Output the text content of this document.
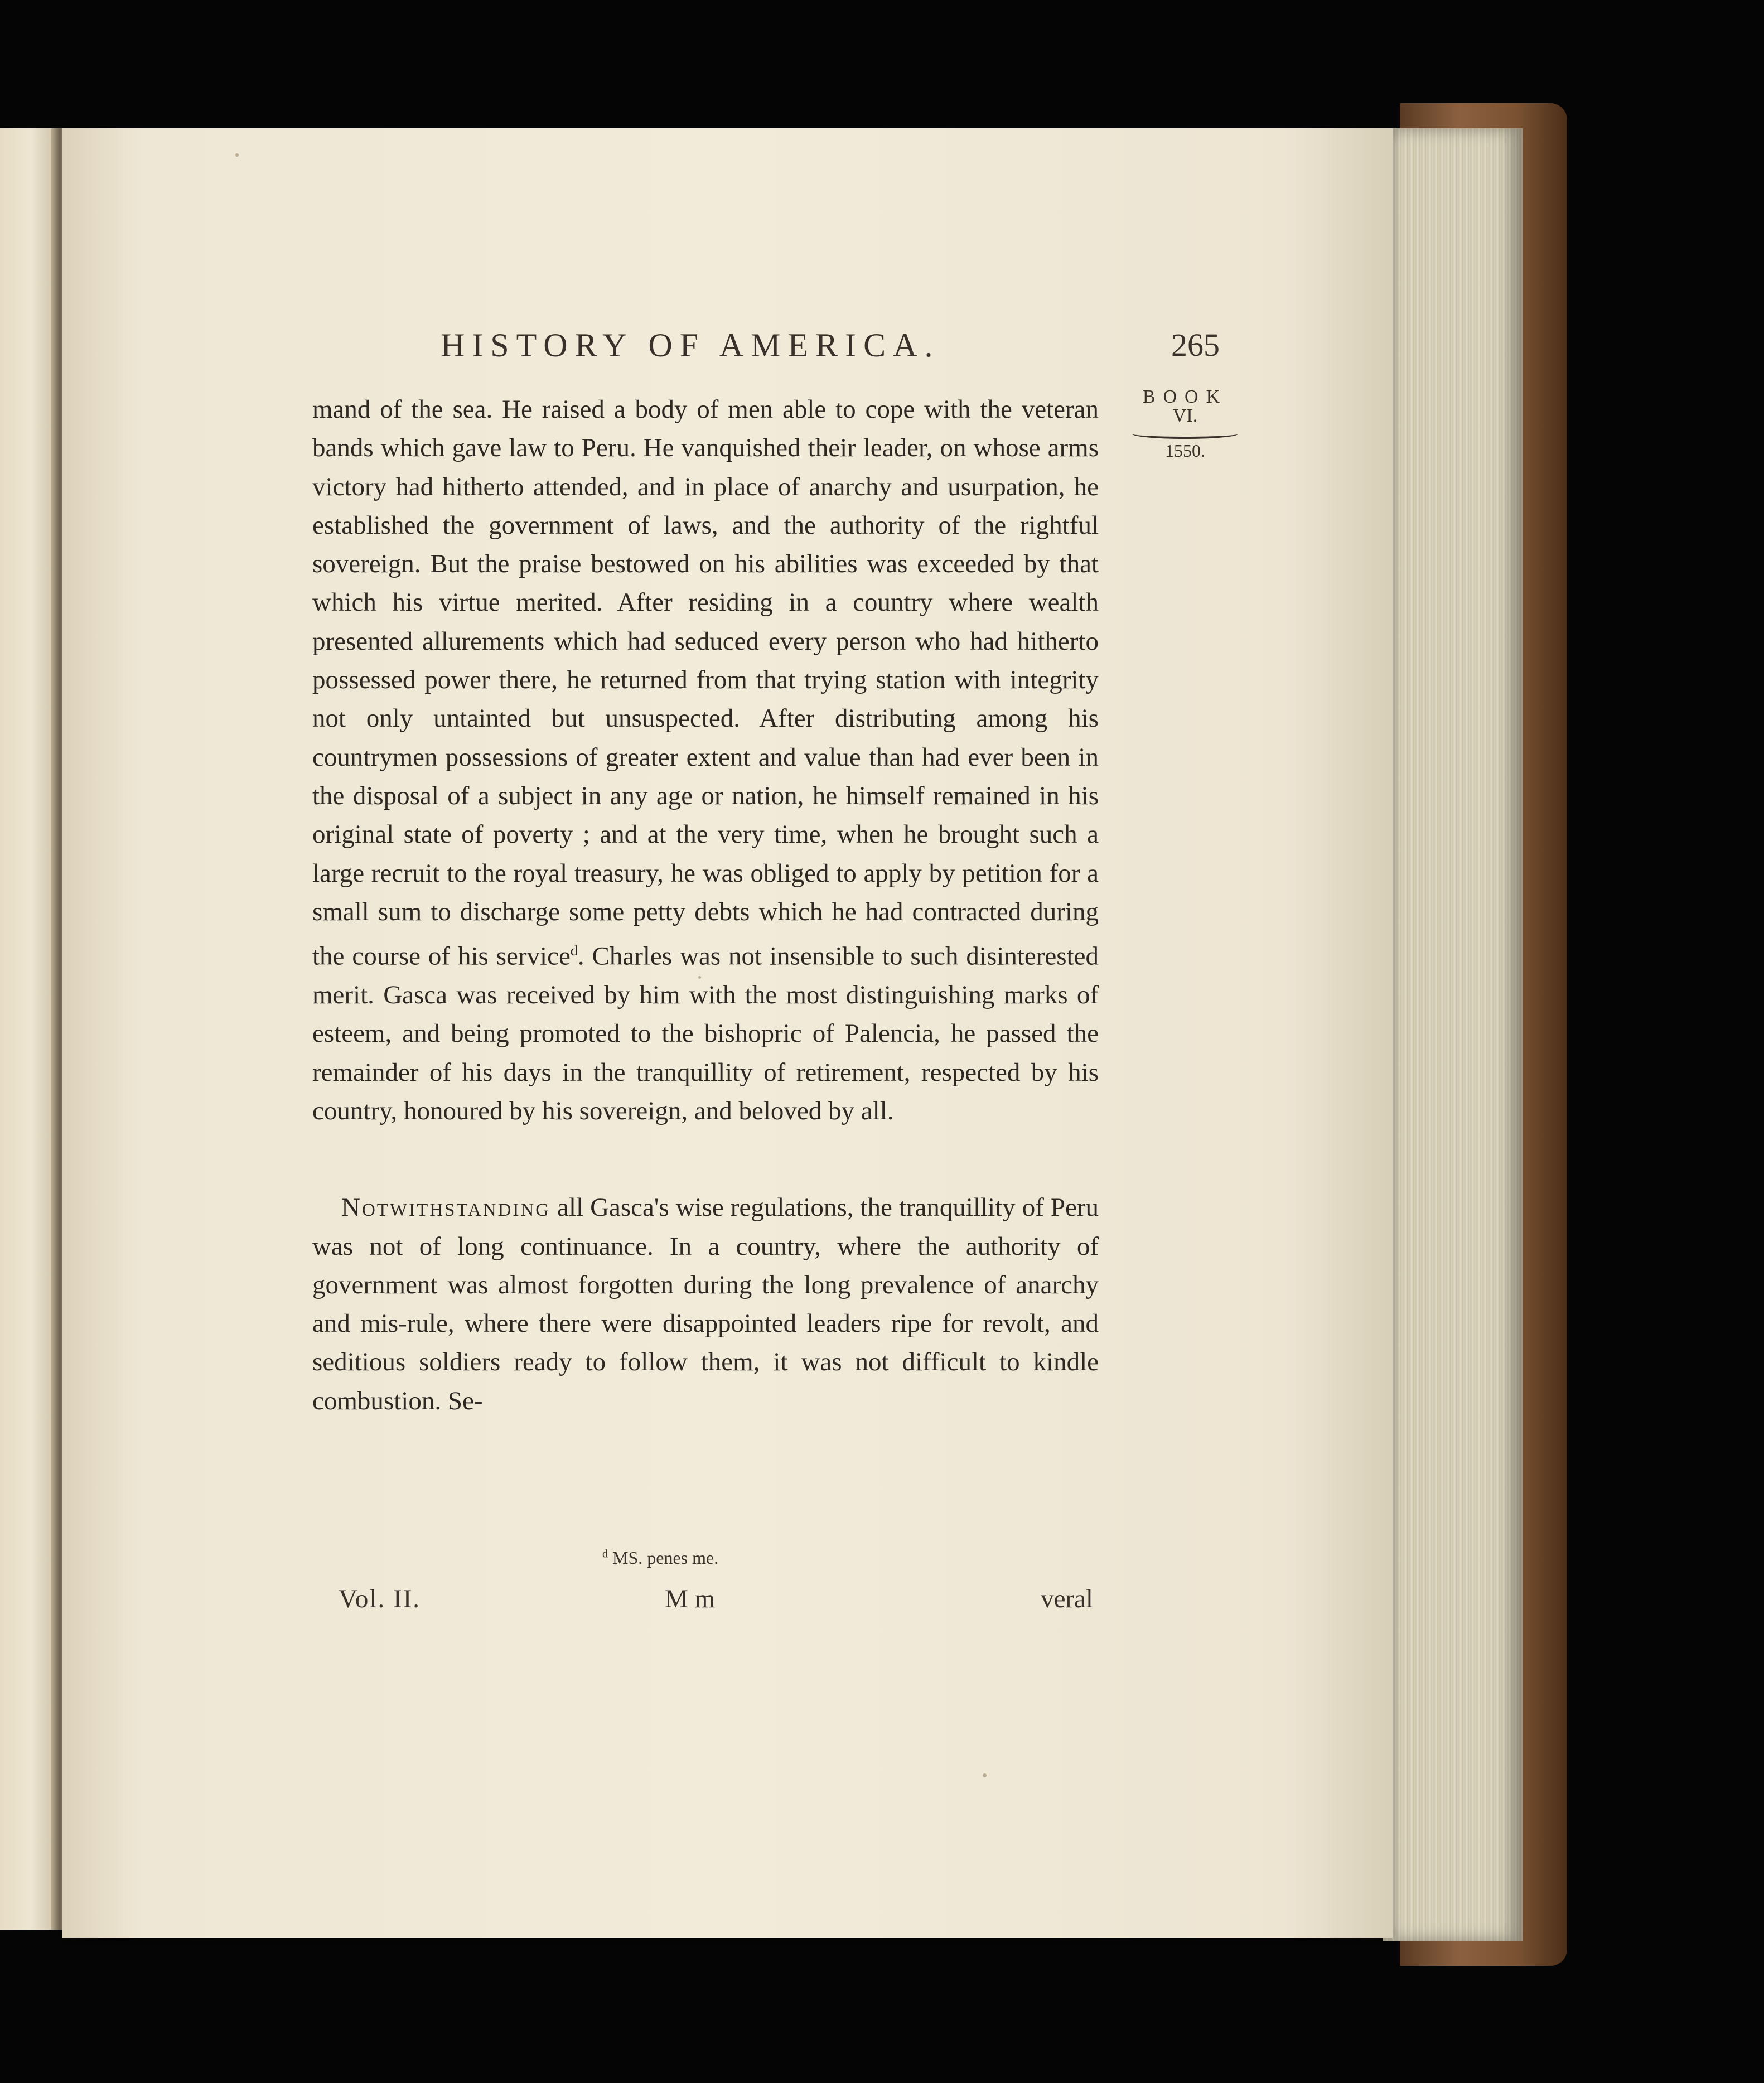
HISTORY OF AMERICA.	265
BOOK
VI.
1550.

mand of the sea. He raised a body of men able to cope with the veteran bands which gave law to Peru. He vanquished their leader, on whose arms victory had hitherto attended, and in place of anarchy and usurpation, he established the government of laws, and the authority of the rightful sovereign. But the praise bestowed on his abilities was exceeded by that which his virtue merited. After residing in a country where wealth presented allurements which had seduced every person who had hitherto possessed power there, he returned from that trying station with integrity not only untainted but unsuspected. After distributing among his countrymen possessions of greater extent and value than had ever been in the disposal of a subject in any age or nation, he himself remained in his original state of poverty ; and at the very time, when he brought such a large recruit to the royal treasury, he was obliged to apply by petition for a small sum to discharge some petty debts which he had contracted during the course of his service$^d$. Charles was not insensible to such disinterested merit. Gasca was received by him with the most distinguishing marks of esteem, and being promoted to the bishopric of Palencia, he passed the remainder of his days in the tranquillity of retirement, respected by his country, honoured by his sovereign, and beloved by all.

Notwithstanding all Gasca's wise regulations, the tranquillity of Peru was not of long continuance. In a country, where the authority of government was almost forgotten during the long prevalence of anarchy and mis-rule, where there were disappointed leaders ripe for revolt, and seditious soldiers ready to follow them, it was not difficult to kindle combustion. Se-

$^d$ MS. penes me.
Vol. II.	M m	veral
